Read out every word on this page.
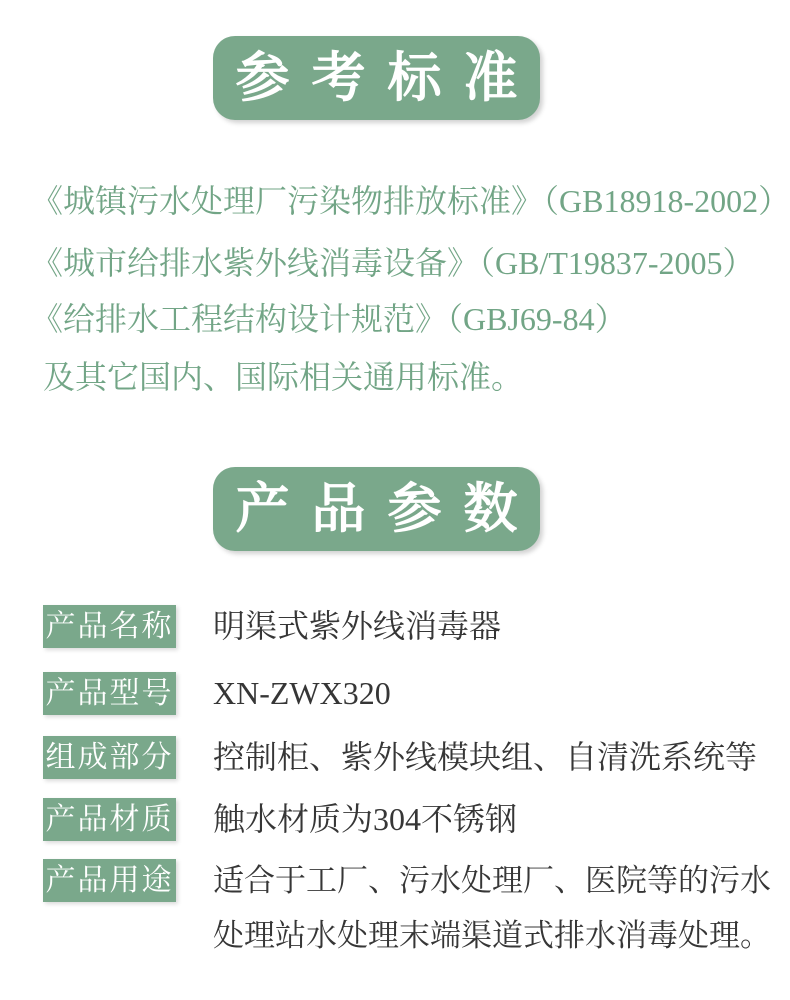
参考标准
《城镇污水处理厂污染物排放标准》（GB18918-2002）
《城市给排水紫外线消毒设备》（GB/T19837-2005）
《给排水工程结构设计规范》（GBJ69-84）
及其它国内、国际相关通用标准。
产品参数
产品名称 明渠式紫外线消毒器
产品型号 XN-ZWX320
组成部分 控制柜、紫外线模块组、自清洗系统等
产品材质 触水材质为304不锈钢
产品用途 适合于工厂、污水处理厂、医院等的污水处理站水处理末端渠道式排水消毒处理。
